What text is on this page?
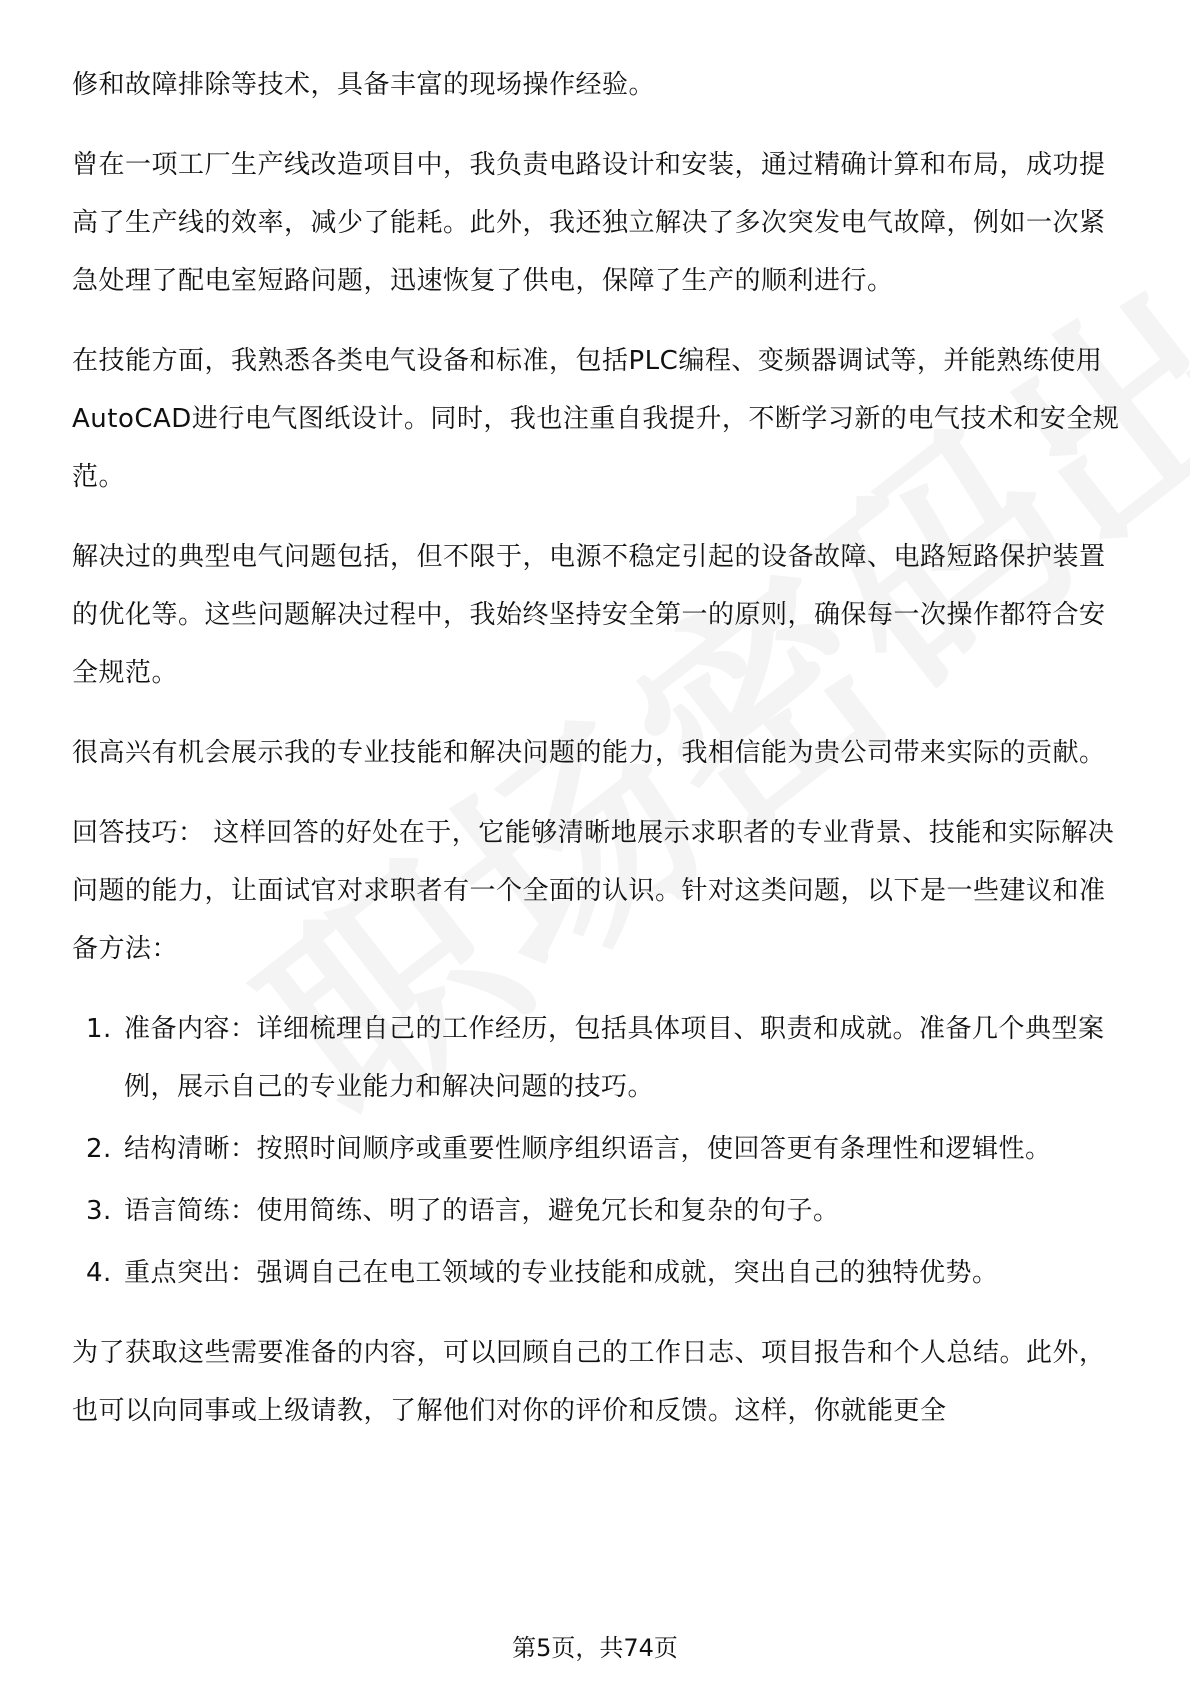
修和故障排除等技术，具备丰富的现场操作经验。

曾在一项工厂生产线改造项目中，我负责电路设计和安装，通过精确计算和布局，成功提高了生产线的效率，减少了能耗。此外，我还独立解决了多次突发电气故障，例如一次紧急处理了配电室短路问题，迅速恢复了供电，保障了生产的顺利进行。

在技能方面，我熟悉各类电气设备和标准，包括PLC编程、变频器调试等，并能熟练使用AutoCAD进行电气图纸设计。同时，我也注重自我提升，不断学习新的电气技术和安全规范。

解决过的典型电气问题包括，但不限于，电源不稳定引起的设备故障、电路短路保护装置的优化等。这些问题解决过程中，我始终坚持安全第一的原则，确保每一次操作都符合安全规范。

很高兴有机会展示我的专业技能和解决问题的能力，我相信能为贵公司带来实际的贡献。

回答技巧： 这样回答的好处在于，它能够清晰地展示求职者的专业背景、技能和实际解决问题的能力，让面试官对求职者有一个全面的认识。针对这类问题，以下是一些建议和准备方法：

1. 准备内容：详细梳理自己的工作经历，包括具体项目、职责和成就。准备几个典型案例，展示自己的专业能力和解决问题的技巧。
2. 结构清晰：按照时间顺序或重要性顺序组织语言，使回答更有条理性和逻辑性。
3. 语言简练：使用简练、明了的语言，避免冗长和复杂的句子。
4. 重点突出：强调自己在电工领域的专业技能和成就，突出自己的独特优势。

为了获取这些需要准备的内容，可以回顾自己的工作日志、项目报告和个人总结。此外，也可以向同事或上级请教，了解他们对你的评价和反馈。这样，你就能更全

第5页，共74页
